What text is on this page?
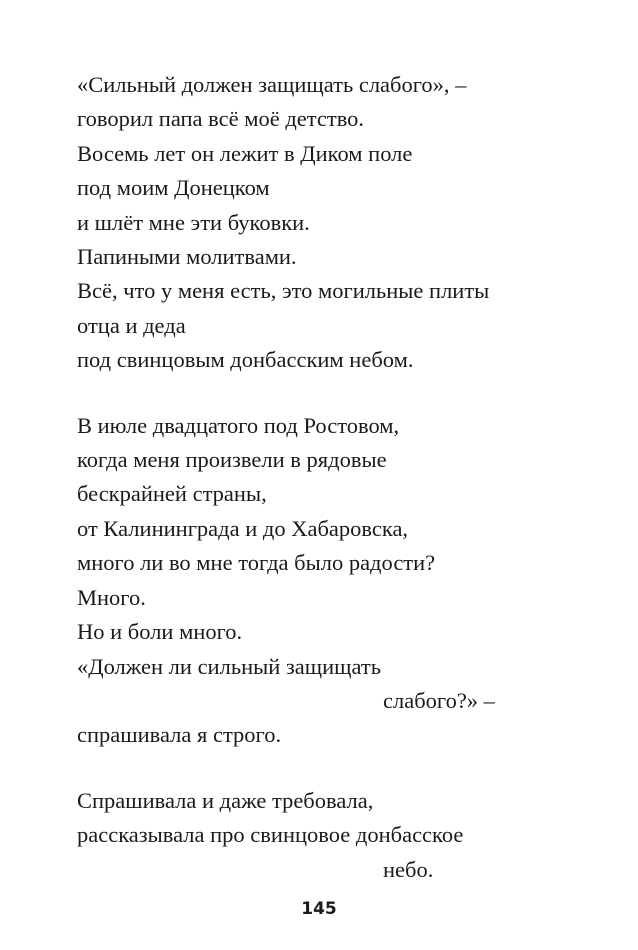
«Сильный должен защищать слабого», –
говорил папа всё моё детство.
Восемь лет он лежит в Диком поле
под моим Донецком
и шлёт мне эти буковки.
Папиными молитвами.
Всё, что у меня есть, это могильные плиты
отца и деда
под свинцовым донбасским небом.
В июле двадцатого под Ростовом,
когда меня произвели в рядовые
бескрайней страны,
от Калининграда и до Хабаровска,
много ли во мне тогда было радости?
Много.
Но и боли много.
«Должен ли сильный защищать
слабого?» –
спрашивала я строго.
Спрашивала и даже требовала,
рассказывала про свинцовое донбасское
небо.
145
